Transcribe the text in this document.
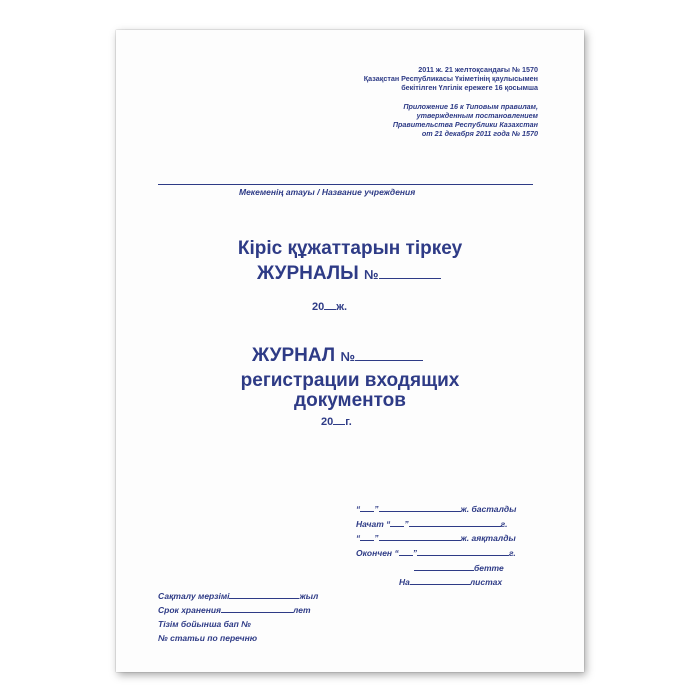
2011 ж. 21 желтоқсандағы № 1570
Қазақстан Республикасы Үкіметінің қаулысымен
бекітілген Үлгілік ережеге 16 қосымша
Приложение 16 к Типовым правилам,
утвержденным постановлением
Правительства Республики Казахстан
от 21 декабря 2011 года № 1570
Мекеменің атауы / Название учреждения
Кіріс құжаттарын тіркеу
ЖУРНАЛЫ №
20 ж.
ЖУРНАЛ №
регистрации входящих
документов
20 г.
“ ”	ж. басталды
Начат “ ”	г.
“ ”	ж. аяқталды
Окончен “ ”	г.
бетте
На	листах
Сақталу мерзімі	жыл
Срок хранения	лет
Тізім бойынша бап №
№ статьи по перечню
